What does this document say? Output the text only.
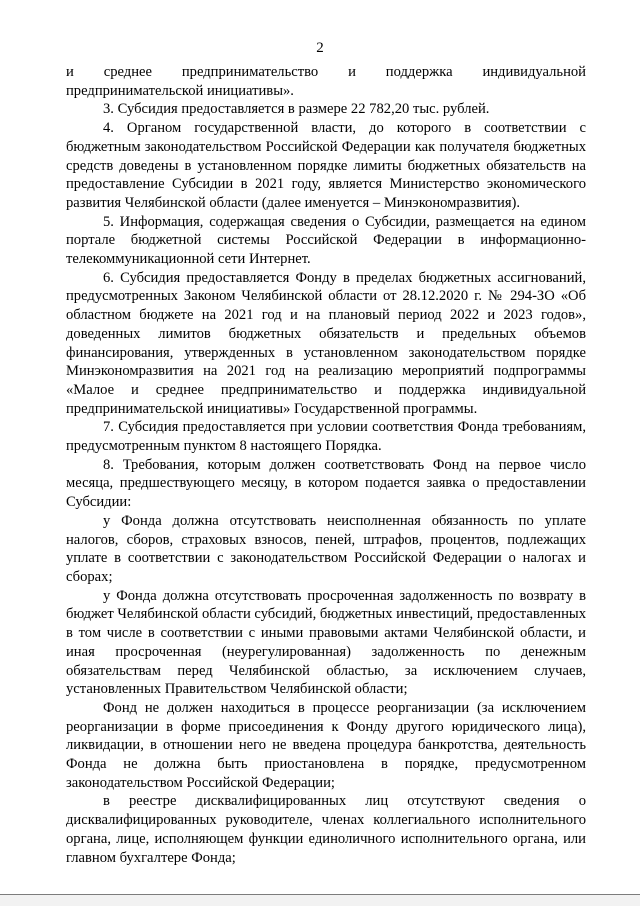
2

и среднее предпринимательство и поддержка индивидуальной предпринимательской инициативы».

3. Субсидия предоставляется в размере 22 782,20 тыс. рублей.

4. Органом государственной власти, до которого в соответствии с бюджетным законодательством Российской Федерации как получателя бюджетных средств доведены в установленном порядке лимиты бюджетных обязательств на предоставление Субсидии в 2021 году, является Министерство экономического развития Челябинской области (далее именуется – Минэкономразвития).

5. Информация, содержащая сведения о Субсидии, размещается на едином портале бюджетной системы Российской Федерации в информационно-телекоммуникационной сети Интернет.

6. Субсидия предоставляется Фонду в пределах бюджетных ассигнований, предусмотренных Законом Челябинской области от 28.12.2020 г. № 294-ЗО «Об областном бюджете на 2021 год и на плановый период 2022 и 2023 годов», доведенных лимитов бюджетных обязательств и предельных объемов финансирования, утвержденных в установленном законодательством порядке Минэкономразвития на 2021 год на реализацию мероприятий подпрограммы «Малое и среднее предпринимательство и поддержка индивидуальной предпринимательской инициативы» Государственной программы.

7. Субсидия предоставляется при условии соответствия Фонда требованиям, предусмотренным пунктом 8 настоящего Порядка.

8. Требования, которым должен соответствовать Фонд на первое число месяца, предшествующего месяцу, в котором подается заявка о предоставлении Субсидии:

у Фонда должна отсутствовать неисполненная обязанность по уплате налогов, сборов, страховых взносов, пеней, штрафов, процентов, подлежащих уплате в соответствии с законодательством Российской Федерации о налогах и сборах;

у Фонда должна отсутствовать просроченная задолженность по возврату в бюджет Челябинской области субсидий, бюджетных инвестиций, предоставленных в том числе в соответствии с иными правовыми актами Челябинской области, и иная просроченная (неурегулированная) задолженность по денежным обязательствам перед Челябинской областью, за исключением случаев, установленных Правительством Челябинской области;

Фонд не должен находиться в процессе реорганизации (за исключением реорганизации в форме присоединения к Фонду другого юридического лица), ликвидации, в отношении него не введена процедура банкротства, деятельность Фонда не должна быть приостановлена в порядке, предусмотренном законодательством Российской Федерации;

в реестре дисквалифицированных лиц отсутствуют сведения о дисквалифицированных руководителе, членах коллегиального исполнительного органа, лице, исполняющем функции единоличного исполнительного органа, или главном бухгалтере Фонда;
